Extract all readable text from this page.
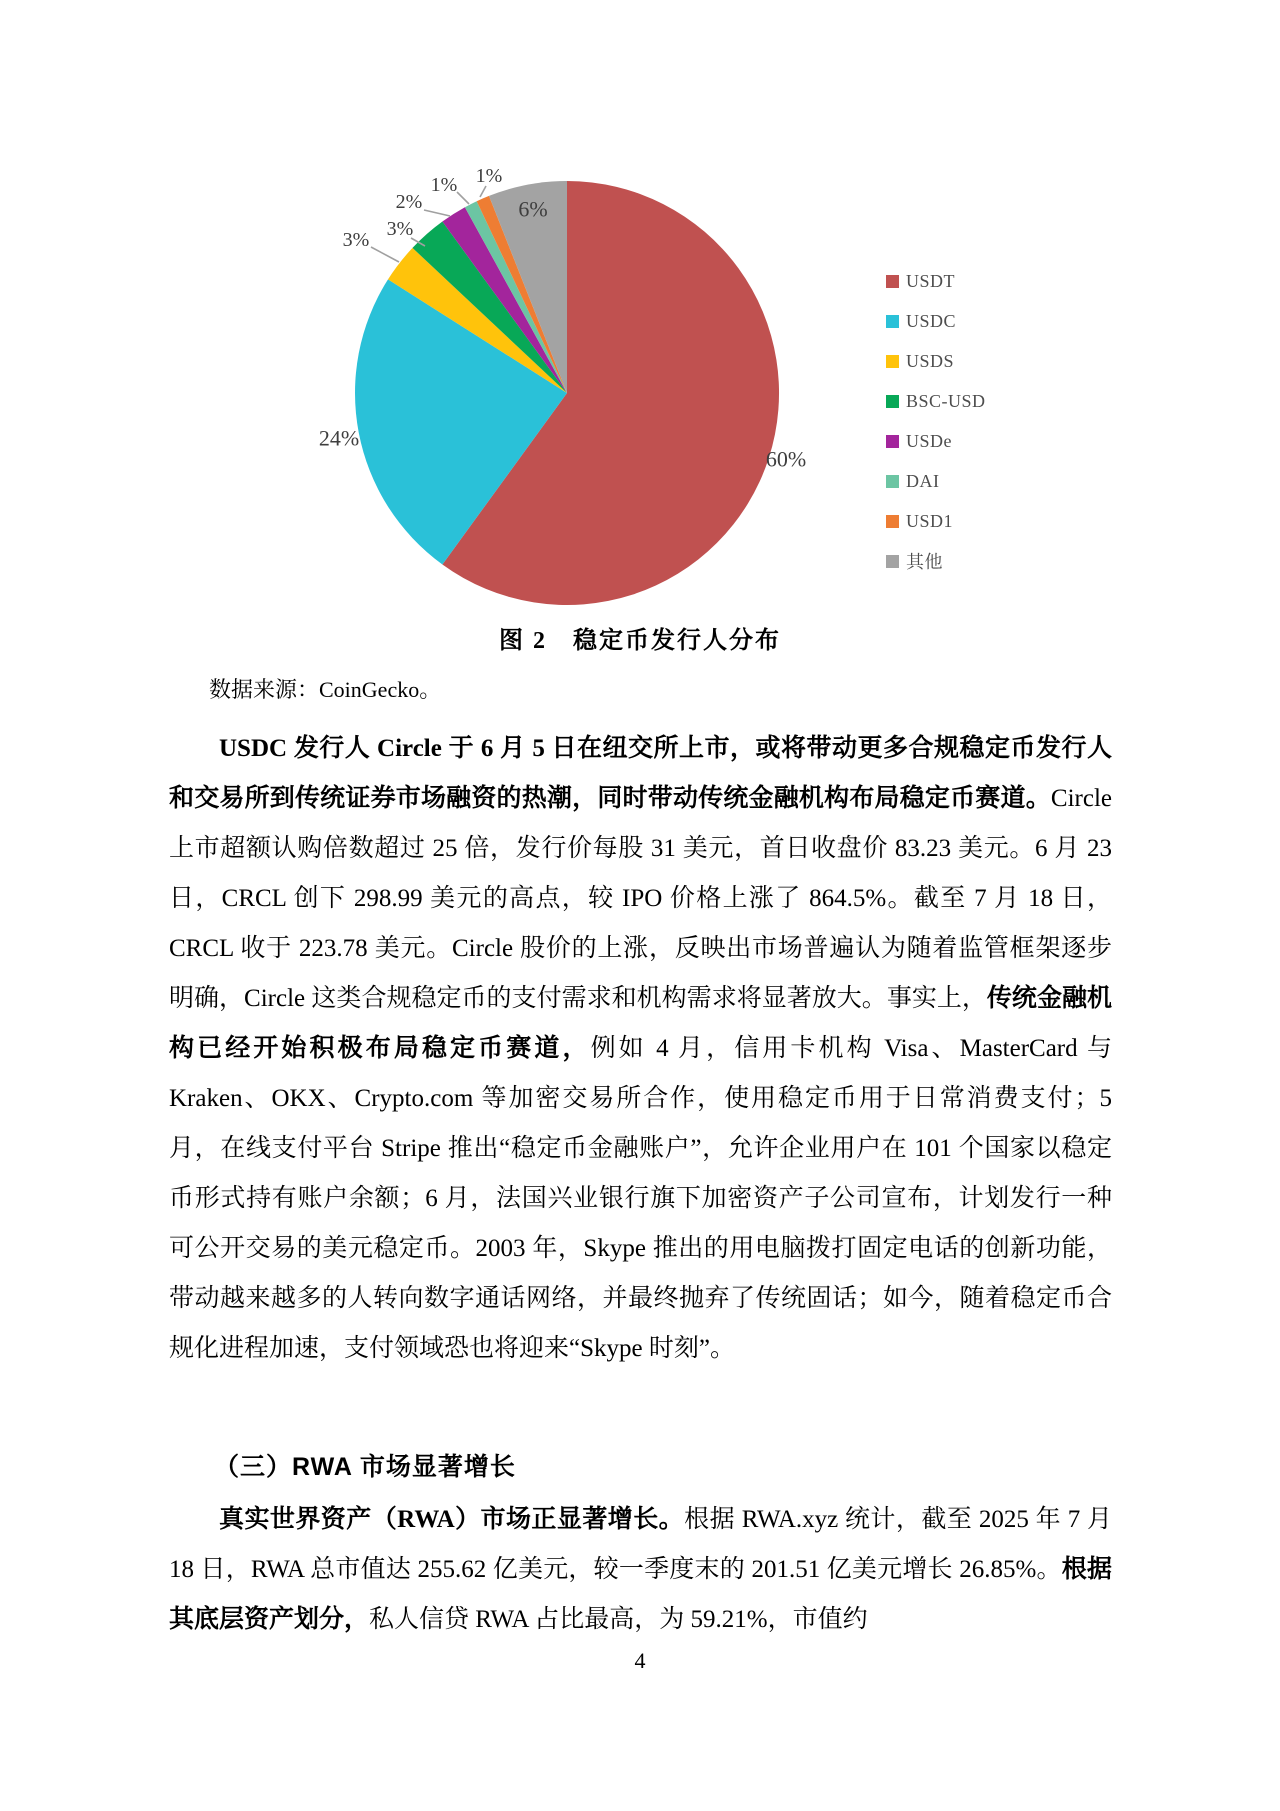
60%
24%
3% 3%
2%
1% 1%
6%
USDT
USDC
USDS
BSC-USD
USDe
DAI
USD1
其他
图 2　稳定币发行人分布
数据来源：CoinGecko。
USDC 发行人 Circle 于 6 月 5 日在纽交所上市，或将带动更多合规稳定币发行人和交易所到传统证券市场融资的热潮，同时带动传统金融机构布局稳定币赛道。Circle 上市超额认购倍数超过 25 倍，发行价每股 31 美元，首日收盘价 83.23 美元。6 月 23 日，CRCL 创下 298.99 美元的高点，较 IPO 价格上涨了 864.5%。截至 7 月 18 日，CRCL 收于 223.78 美元。Circle 股价的上涨，反映出市场普遍认为随着监管框架逐步明确，Circle 这类合规稳定币的支付需求和机构需求将显著放大。事实上，传统金融机构已经开始积极布局稳定币赛道，例如 4 月，信用卡机构 Visa、MasterCard 与 Kraken、OKX、Crypto.com 等加密交易所合作，使用稳定币用于日常消费支付；5 月，在线支付平台 Stripe 推出“稳定币金融账户”，允许企业用户在 101 个国家以稳定币形式持有账户余额；6 月，法国兴业银行旗下加密资产子公司宣布，计划发行一种可公开交易的美元稳定币。2003 年，Skype 推出的用电脑拨打固定电话的创新功能，带动越来越多的人转向数字通话网络，并最终抛弃了传统固话；如今，随着稳定币合规化进程加速，支付领域恐也将迎来“Skype 时刻”。
（三）RWA 市场显著增长
真实世界资产（RWA）市场正显著增长。根据 RWA.xyz 统计，截至 2025 年 7 月 18 日，RWA 总市值达 255.62 亿美元，较一季度末的 201.51 亿美元增长 26.85%。根据其底层资产划分，私人信贷 RWA 占比最高，为 59.21%，市值约
4
